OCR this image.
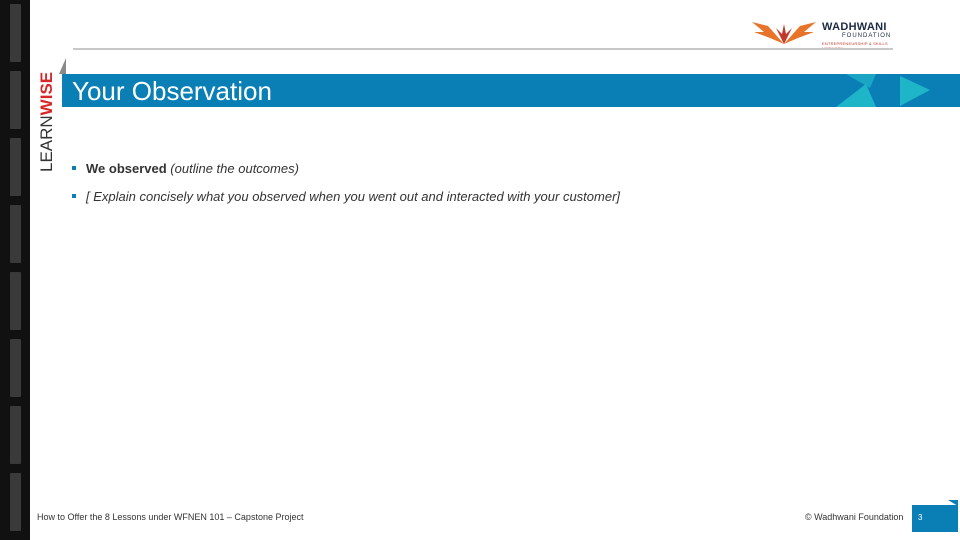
LEARNWISE
WADHWANI
FOUNDATION
ENTREPRENEURSHIP & SKILLS
Your Observation
We observed (outline the outcomes)
[ Explain concisely what you observed when you went out and interacted with your customer]
How to Offer the 8 Lessons under WFNEN 101 – Capstone Project	© Wadhwani Foundation 3
